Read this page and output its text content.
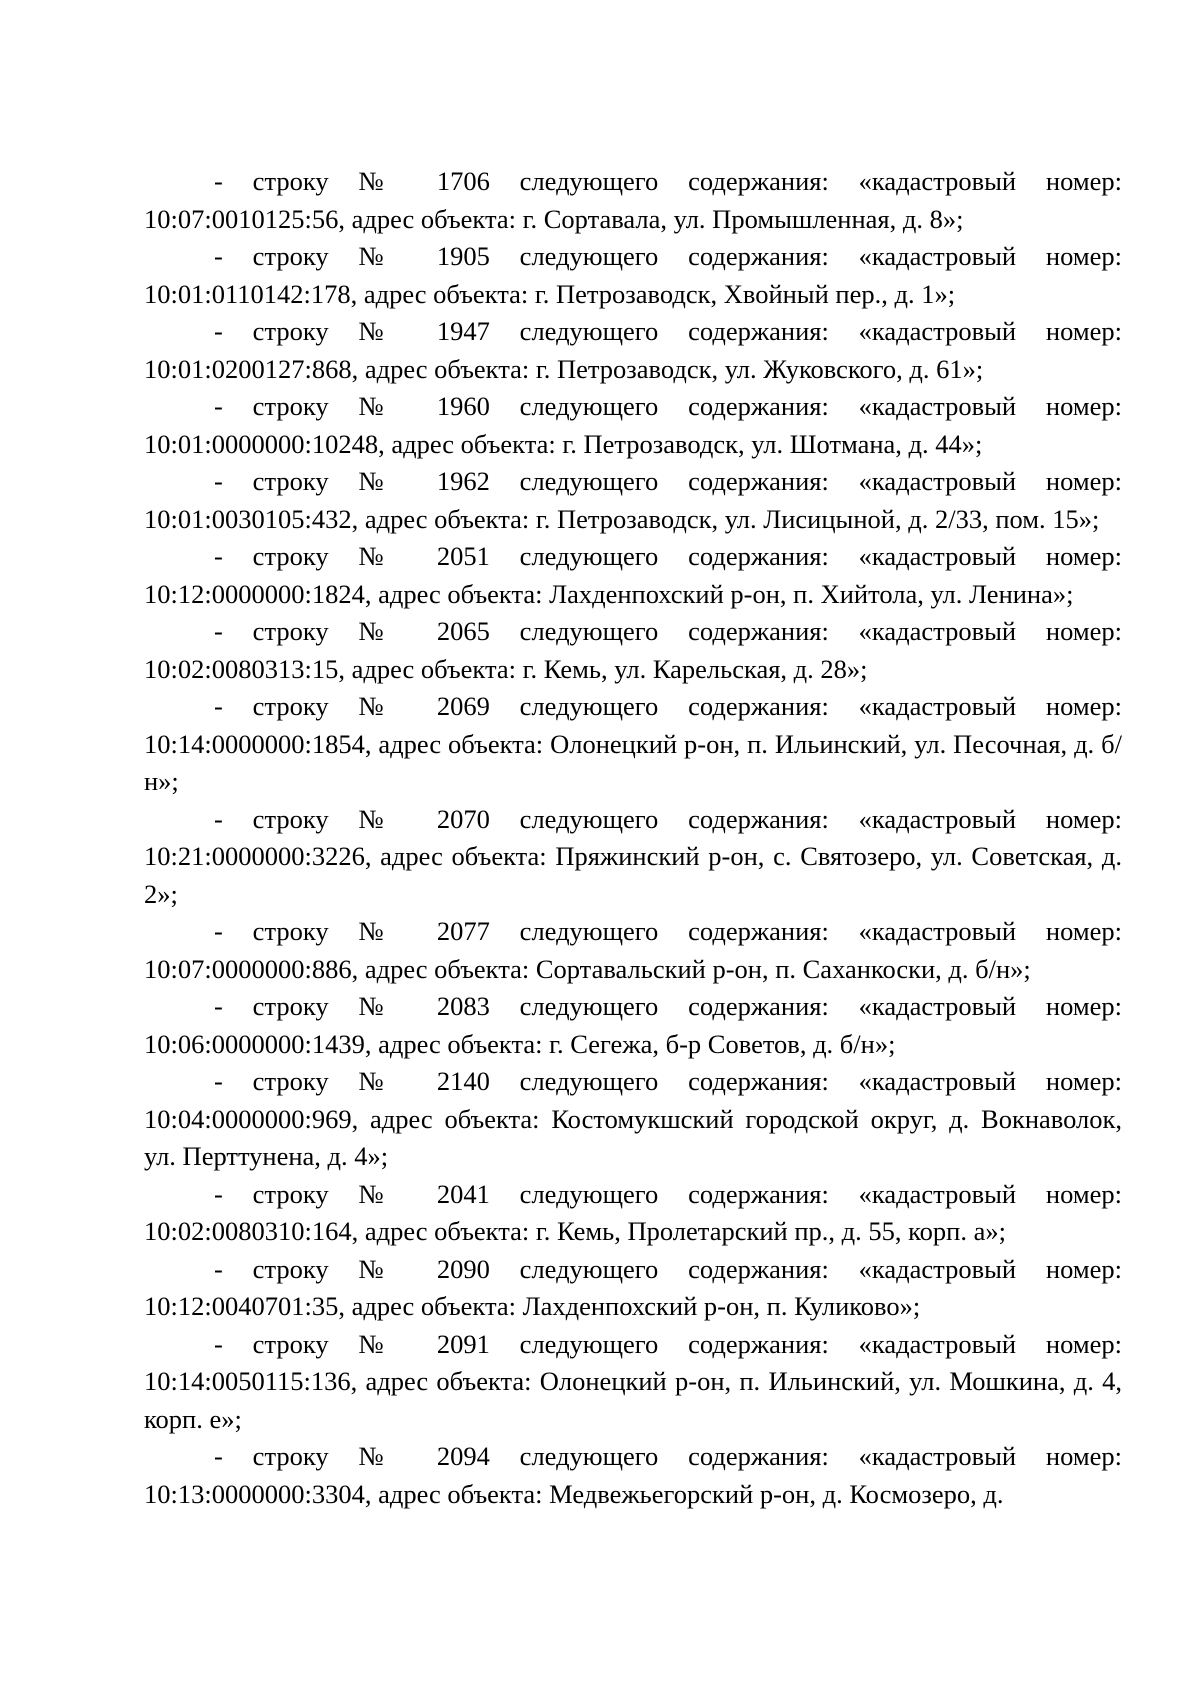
- строку № 1706 следующего содержания: «кадастровый номер: 10:07:0010125:56, адрес объекта: г. Сортавала, ул. Промышленная, д. 8»;

- строку № 1905 следующего содержания: «кадастровый номер: 10:01:0110142:178, адрес объекта: г. Петрозаводск, Хвойный пер., д. 1»;

- строку № 1947 следующего содержания: «кадастровый номер: 10:01:0200127:868, адрес объекта: г. Петрозаводск, ул. Жуковского, д. 61»;

- строку № 1960 следующего содержания: «кадастровый номер: 10:01:0000000:10248, адрес объекта: г. Петрозаводск, ул. Шотмана, д. 44»;

- строку № 1962 следующего содержания: «кадастровый номер: 10:01:0030105:432, адрес объекта: г. Петрозаводск, ул. Лисицыной, д. 2/33, пом. 15»;

- строку № 2051 следующего содержания: «кадастровый номер: 10:12:0000000:1824, адрес объекта: Лахденпохский р-он, п. Хийтола, ул. Ленина»;

- строку № 2065 следующего содержания: «кадастровый номер: 10:02:0080313:15, адрес объекта: г. Кемь, ул. Карельская, д. 28»;

- строку № 2069 следующего содержания: «кадастровый номер: 10:14:0000000:1854, адрес объекта: Олонецкий р-он, п. Ильинский, ул. Песочная, д. б/н»;

- строку № 2070 следующего содержания: «кадастровый номер: 10:21:0000000:3226, адрес объекта: Пряжинский р-он, с. Святозеро, ул. Советская, д. 2»;

- строку № 2077 следующего содержания: «кадастровый номер: 10:07:0000000:886, адрес объекта: Сортавальский р-он, п. Саханкоски, д. б/н»;

- строку № 2083 следующего содержания: «кадастровый номер: 10:06:0000000:1439, адрес объекта: г. Сегежа, б-р Советов, д. б/н»;

- строку № 2140 следующего содержания: «кадастровый номер: 10:04:0000000:969, адрес объекта: Костомукшский городской округ, д. Вокнаволок, ул. Перттунена, д. 4»;

- строку № 2041 следующего содержания: «кадастровый номер: 10:02:0080310:164, адрес объекта: г. Кемь, Пролетарский пр., д. 55, корп. а»;

- строку № 2090 следующего содержания: «кадастровый номер: 10:12:0040701:35, адрес объекта: Лахденпохский р-он, п. Куликово»;

- строку № 2091 следующего содержания: «кадастровый номер: 10:14:0050115:136, адрес объекта: Олонецкий р-он, п. Ильинский, ул. Мошкина, д. 4, корп. е»;

- строку № 2094 следующего содержания: «кадастровый номер: 10:13:0000000:3304, адрес объекта: Медвежьегорский р-он, д. Космозеро, д.
